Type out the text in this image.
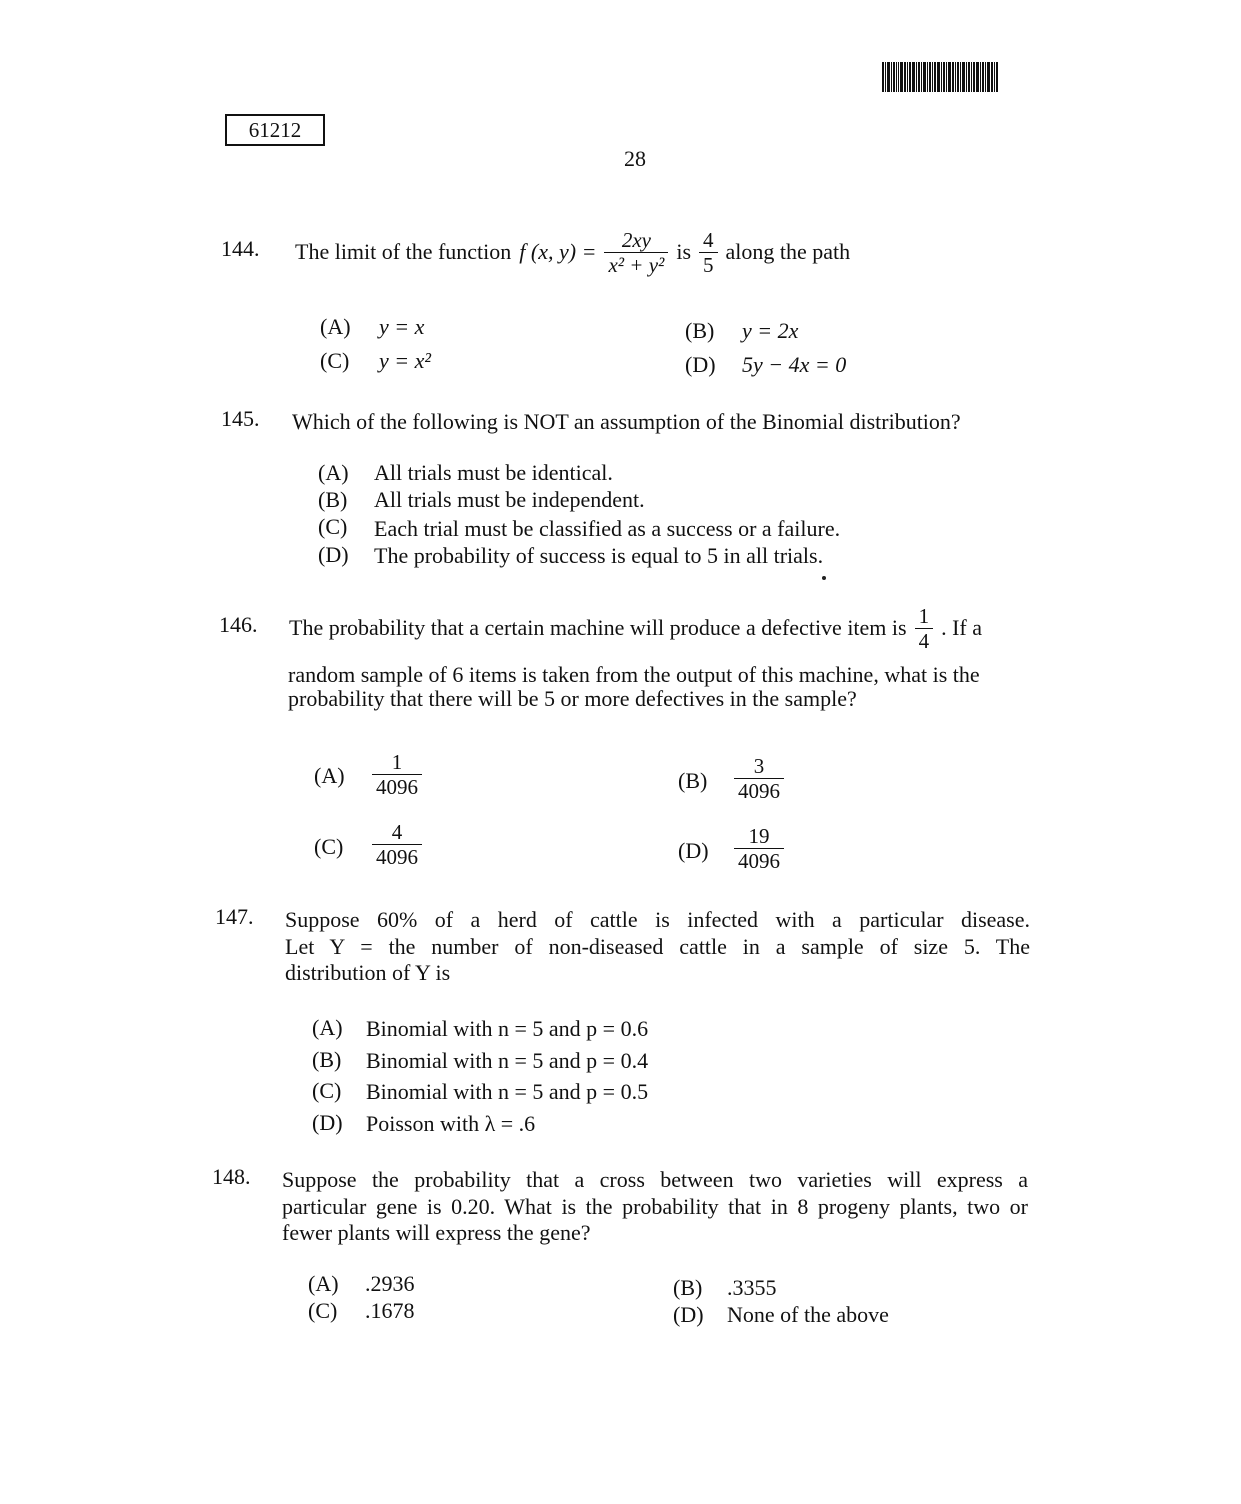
61212
28
144. The limit of the function f (x, $y) = \frac{2xy}{\text{x² + y²}}$ is $\frac{4}{5}$ along the path
(A) y = x	(B) y = 2x
(C) y = x²	(D) 5y − 4x = 0
145. Which of the following is NOT an assumption of the Binomial distribution?
(A) All trials must be identical.
(B) All trials must be independent.
(C) Each trial must be classified as a success or a failure.
(D) The probability of success is equal to 5 in all trials.
146. The probability that a certain machine will produce a defective item is $\frac{1}{4}$ . If a
random sample of 6 items is taken from the output of this machine, what is the
probability that there will be 5 or more defectives in the sample?
$(A) \frac{1}{4096}$	$(B) \frac{3}{4096}$
$(C) \frac{4}{4096}$	$(D) \frac{19}{4096}$
147. Suppose 60% of a herd of cattle is infected with a particular disease.
Let Y = the number of non-diseased cattle in a sample of size 5. The
distribution of Y is
(A) Binomial with n = 5 and p = 0.6
(B) Binomial with n = 5 and p = 0.4
(C) Binomial with n = 5 and p = 0.5
(D) Poisson with λ = .6
148. Suppose the probability that a cross between two varieties will express a
particular gene is 0.20. What is the probability that in 8 progeny plants, two or
fewer plants will express the gene?
(A) .2936	(B) .3355
(C) .1678	(D) None of the above
